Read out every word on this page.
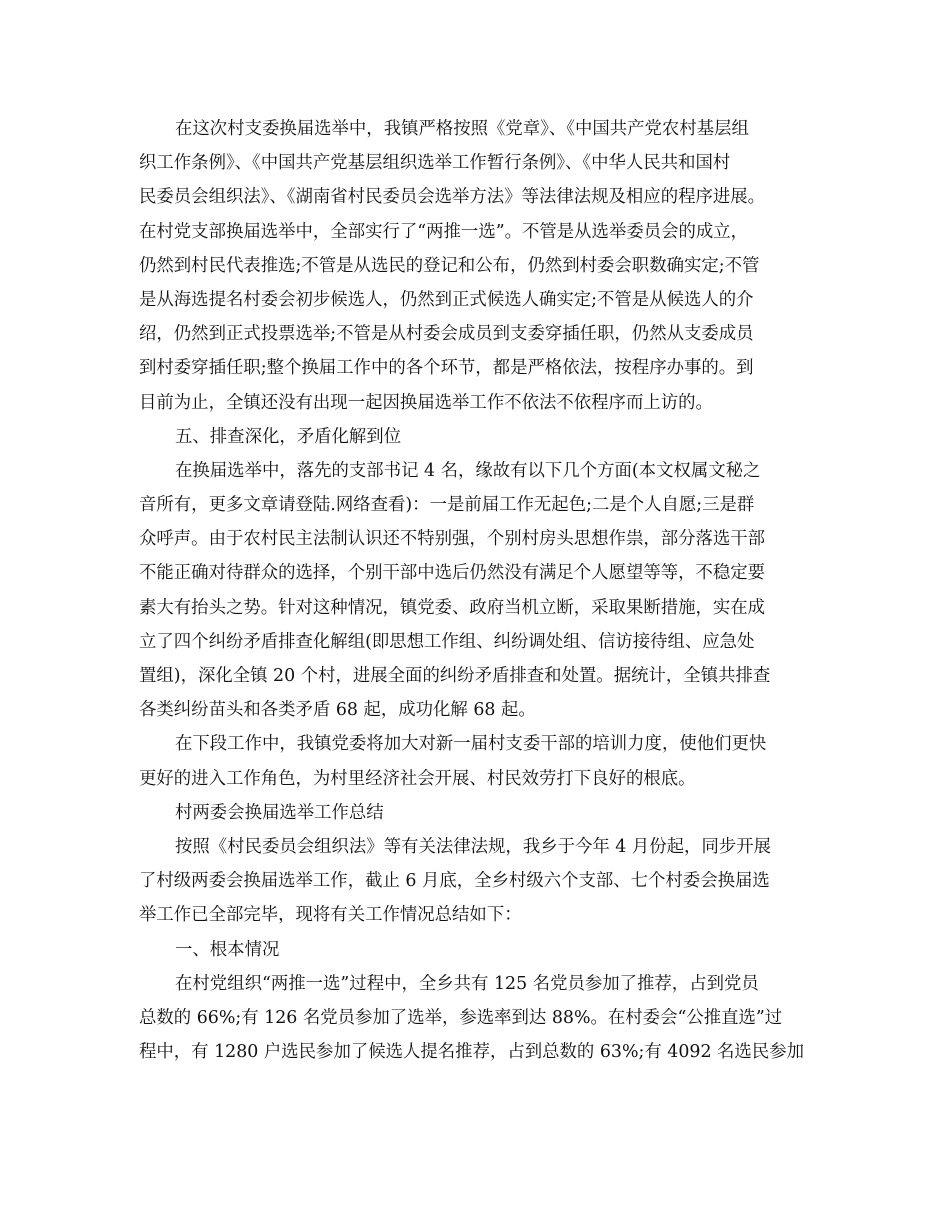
在这次村支委换届选举中，我镇严格按照《党章》、《中国共产党农村基层组
织工作条例》、《中国共产党基层组织选举工作暂行条例》、《中华人民共和国村
民委员会组织法》、《湖南省村民委员会选举方法》等法律法规及相应的程序进展。
在村党支部换届选举中，全部实行了“两推一选”。不管是从选举委员会的成立，
仍然到村民代表推选;不管是从选民的登记和公布，仍然到村委会职数确实定;不管
是从海选提名村委会初步候选人，仍然到正式候选人确实定;不管是从候选人的介
绍，仍然到正式投票选举;不管是从村委会成员到支委穿插任职，仍然从支委成员
到村委穿插任职;整个换届工作中的各个环节，都是严格依法，按程序办事的。到
目前为止，全镇还没有出现一起因换届选举工作不依法不依程序而上访的。
五、排查深化，矛盾化解到位
在换届选举中，落先的支部书记 4 名，缘故有以下几个方面(本文权属文秘之
音所有，更多文章请登陆.网络查看)：一是前届工作无起色;二是个人自愿;三是群
众呼声。由于农村民主法制认识还不特别强，个别村房头思想作祟，部分落选干部
不能正确对待群众的选择，个别干部中选后仍然没有满足个人愿望等等，不稳定要
素大有抬头之势。针对这种情况，镇党委、政府当机立断，采取果断措施，实在成
立了四个纠纷矛盾排查化解组(即思想工作组、纠纷调处组、信访接待组、应急处
置组)，深化全镇 20 个村，进展全面的纠纷矛盾排查和处置。据统计，全镇共排查
各类纠纷苗头和各类矛盾 68 起，成功化解 68 起。
在下段工作中，我镇党委将加大对新一届村支委干部的培训力度，使他们更快
更好的进入工作角色，为村里经济社会开展、村民效劳打下良好的根底。
村两委会换届选举工作总结
按照《村民委员会组织法》等有关法律法规，我乡于今年 4 月份起，同步开展
了村级两委会换届选举工作，截止 6 月底，全乡村级六个支部、七个村委会换届选
举工作已全部完毕，现将有关工作情况总结如下：
一、根本情况
在村党组织“两推一选”过程中，全乡共有 125 名党员参加了推荐，占到党员
总数的 66%;有 126 名党员参加了选举，参选率到达 88%。在村委会“公推直选”过
程中，有 1280 户选民参加了候选人提名推荐，占到总数的 63%;有 4092 名选民参加
